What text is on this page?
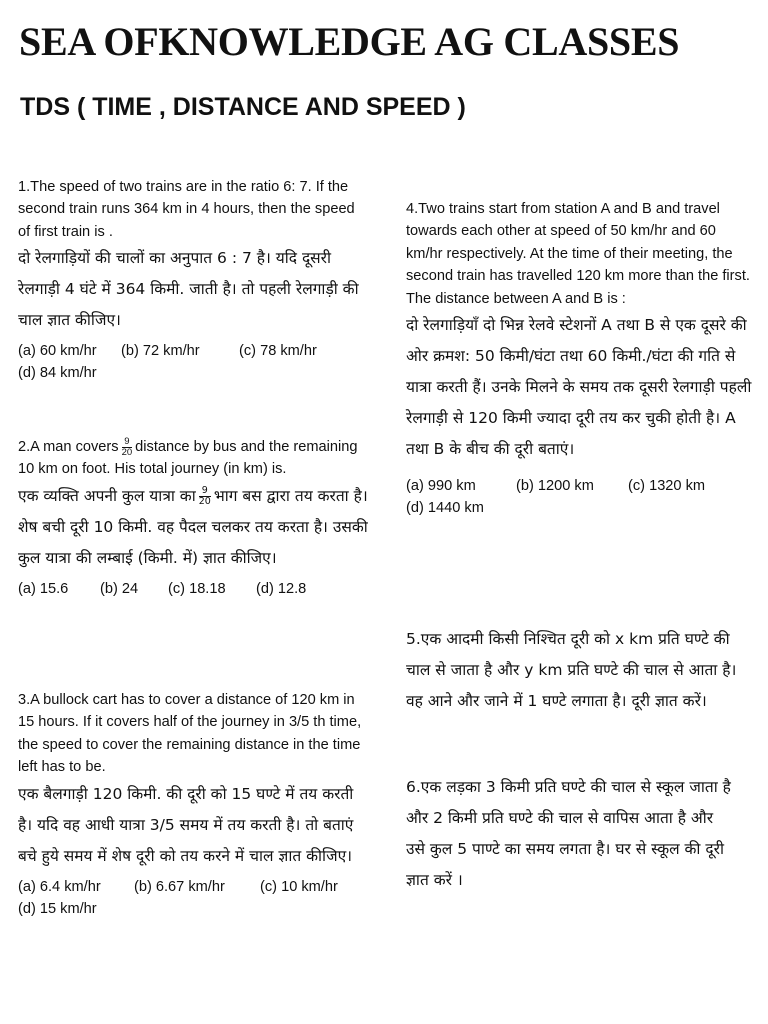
SEA OFKNOWLEDGE AG CLASSES
TDS ( TIME , DISTANCE AND SPEED )

1.The speed of two trains are in the ratio 6: 7. If the second train runs 364 km in 4 hours, then the speed of first train is .

दो रेलगाड़ियों की चालों का अनुपात 6 : 7 है। यदि दूसरी रेलगाड़ी 4 घंटे में 364 किमी. जाती है। तो पहली रेलगाड़ी की चाल ज्ञात कीजिए।

(a) 60 km/hr (b) 72 km/hr	(c) 78 km/hr
(d) 84 km/hr

2.A man covers $\frac{9}{20}$ distance by bus and the remaining 10 km on foot. His total journey (in km) is.

एक व्यक्ति अपनी कुल यात्रा का $\frac{9}{20}$ भाग बस द्वारा तय करता है। शेष बची दूरी 10 किमी. वह पैदल चलकर तय करता है। उसकी कुल यात्रा की लम्बाई (किमी. में) ज्ञात कीजिए।

(a) 15.6 (b) 24 (c) 18.18 (d) 12.8

3.A bullock cart has to cover a distance of 120 km in 15 hours. If it covers half of the journey in 3/5 th time, the speed to cover the remaining distance in the time left has to be.

एक बैलगाड़ी 120 किमी. की दूरी को 15 घण्टे में तय करती है। यदि वह आधी यात्रा 3/5 समय में तय करती है। तो बताएं बचे हुये समय में शेष दूरी को तय करने में चाल ज्ञात कीजिए।

(a) 6.4 km/hr (b) 6.67 km/hr (c) 10 km/hr
(d) 15 km/hr

4.Two trains start from station A and B and travel towards each other at speed of 50 km/hr and 60 km/hr respectively. At the time of their meeting, the second train has travelled 120 km more than the first. The distance between A and B is :

दो रेलगाड़ियाँ दो भिन्न रेलवे स्टेशनों A तथा B से एक दूसरे की ओर क्रमश: 50 किमी/घंटा तथा 60 किमी./घंटा की गति से यात्रा करती हैं। उनके मिलने के समय तक दूसरी रेलगाड़ी पहली रेलगाड़ी से 120 किमी ज्यादा दूरी तय कर चुकी होती है। A तथा B के बीच की दूरी बताएं।

(a) 990 km	(b) 1200 km (c) 1320 km
(d) 1440 km

5.एक आदमी किसी निश्चित दूरी को x km प्रति घण्टे की चाल से जाता है और y km प्रति घण्टे की चाल से आता है। वह आने और जाने में 1 घण्टे लगाता है। दूरी ज्ञात करें।

6.एक लड़का 3 किमी प्रति घण्टे की चाल से स्कूल जाता है और 2 किमी प्रति घण्टे की चाल से वापिस आता है और उसे कुल 5 पाण्टे का समय लगता है। घर से स्कूल की दूरी ज्ञात करें ।
